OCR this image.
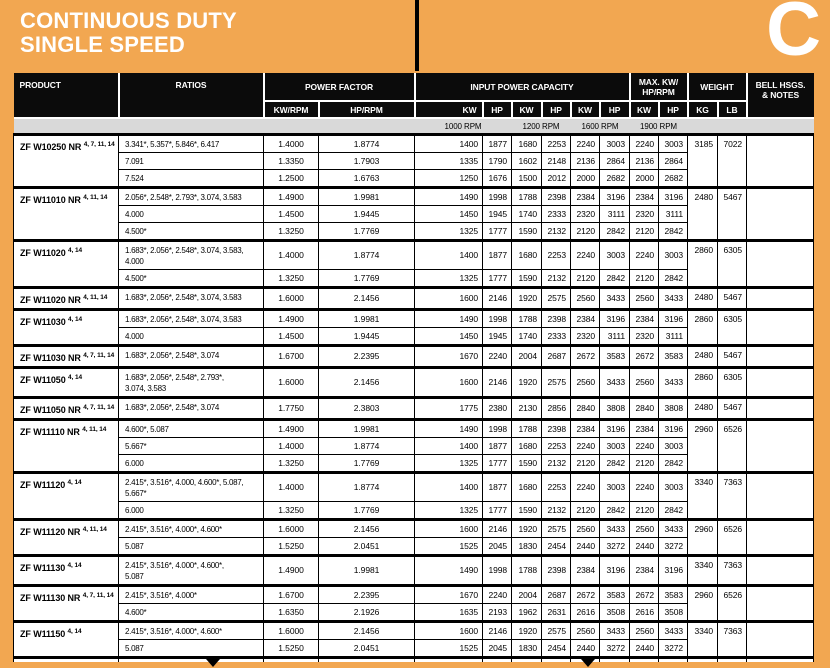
CONTINUOUS DUTY
SINGLE SPEED	C
PRODUCT	RATIOS	POWER FACTOR		INPUT POWER CAPACITY						MAX. KW/
HP/RPM		WEIGHT		BELL HSGS.
& NOTES

		KW/RPM	HP/RPM	KW	HP	KW	HP	KW	HP	KW	HP	KG	LB	
				1000 RPM		1200 RPM		1600 RPM		1900 RPM				
ZF W10250 NR $^{4, 7, 11, 14}$	3.341*, 5.357*, 5.846*, 6.417	1.4000	1.8774	1400	1877	1680	2253	2240	3003	2240	3003	3185	7022	
	7.091	1.3350	1.7903	1335	1790	1602	2148	2136	2864	2136	2864			
	7.524	1.2500	1.6763	1250	1676	1500	2012	2000	2682	2000	2682			
ZF W11010 NR $^{4, 11, 14}$	2.056*, 2.548*, 2.793*, 3.074, 3.583	1.4900	1.9981	1490	1998	1788	2398	2384	3196	2384	3196	2480	5467	
	4.000	1.4500	1.9445	1450	1945	1740	2333	2320	3111	2320	3111			
	4.500*	1.3250	1.7769	1325	1777	1590	2132	2120	2842	2120	2842			
ZF W11020 $^{4, 14}$	1.683*, 2.056*, 2.548*, 3.074, 3.583,
4.000	1.4000	1.8774	1400	1877	1680	2253	2240	3003	2240	3003	2860	6305	
	4.500*	1.3250	1.7769	1325	1777	1590	2132	2120	2842	2120	2842			
ZF W11020 NR $^{4, 11, 14}$	1.683*, 2.056*, 2.548*, 3.074, 3.583	1.6000	2.1456	1600	2146	1920	2575	2560	3433	2560	3433	2480	5467	
ZF W11030 $^{4, 14}$	1.683*, 2.056*, 2.548*, 3.074, 3.583	1.4900	1.9981	1490	1998	1788	2398	2384	3196	2384	3196	2860	6305	
	4.000	1.4500	1.9445	1450	1945	1740	2333	2320	3111	2320	3111			
ZF W11030 NR $^{4, 7, 11, 14}$	1.683*, 2.056*, 2.548*, 3.074	1.6700	2.2395	1670	2240	2004	2687	2672	3583	2672	3583	2480	5467	
ZF W11050 $^{4, 14}$	1.683*, 2.056*, 2.548*, 2.793*,
3.074, 3.583	1.6000	2.1456	1600	2146	1920	2575	2560	3433	2560	3433	2860	6305	
ZF W11050 NR $^{4, 7, 11, 14}$	1.683*, 2.056*, 2.548*, 3.074	1.7750	2.3803	1775	2380	2130	2856	2840	3808	2840	3808	2480	5467	
ZF W11110 NR $^{4, 11, 14}$	4.600*, 5.087	1.4900	1.9981	1490	1998	1788	2398	2384	3196	2384	3196	2960	6526	
	5.667*	1.4000	1.8774	1400	1877	1680	2253	2240	3003	2240	3003			
	6.000	1.3250	1.7769	1325	1777	1590	2132	2120	2842	2120	2842			
ZF W11120 $^{4, 14}$	2.415*, 3.516*, 4.000, 4.600*, 5.087,
5.667*	1.4000	1.8774	1400	1877	1680	2253	2240	3003	2240	3003	3340	7363	
	6.000	1.3250	1.7769	1325	1777	1590	2132	2120	2842	2120	2842			
ZF W11120 NR $^{4, 11, 14}$	2.415*, 3.516*, 4.000*, 4.600*	1.6000	2.1456	1600	2146	1920	2575	2560	3433	2560	3433	2960	6526	
	5.087	1.5250	2.0451	1525	2045	1830	2454	2440	3272	2440	3272			
ZF W11130 $^{4, 14}$	2.415*, 3.516*, 4.000*, 4.600*,
5.087	1.4900	1.9981	1490	1998	1788	2398	2384	3196	2384	3196	3340	7363	
ZF W11130 NR $^{4, 7, 11, 14}$	2.415*, 3.516*, 4.000*	1.6700	2.2395	1670	2240	2004	2687	2672	3583	2672	3583	2960	6526	
	4.600*	1.6350	2.1926	1635	2193	1962	2631	2616	3508	2616	3508			
ZF W11150 $^{4, 14}$	2.415*, 3.516*, 4.000*, 4.600*	1.6000	2.1456	1600	2146	1920	2575	2560	3433	2560	3433	3340	7363	
	5.087	1.5250	2.0451	1525	2045	1830	2454	2440	3272	2440	3272			
